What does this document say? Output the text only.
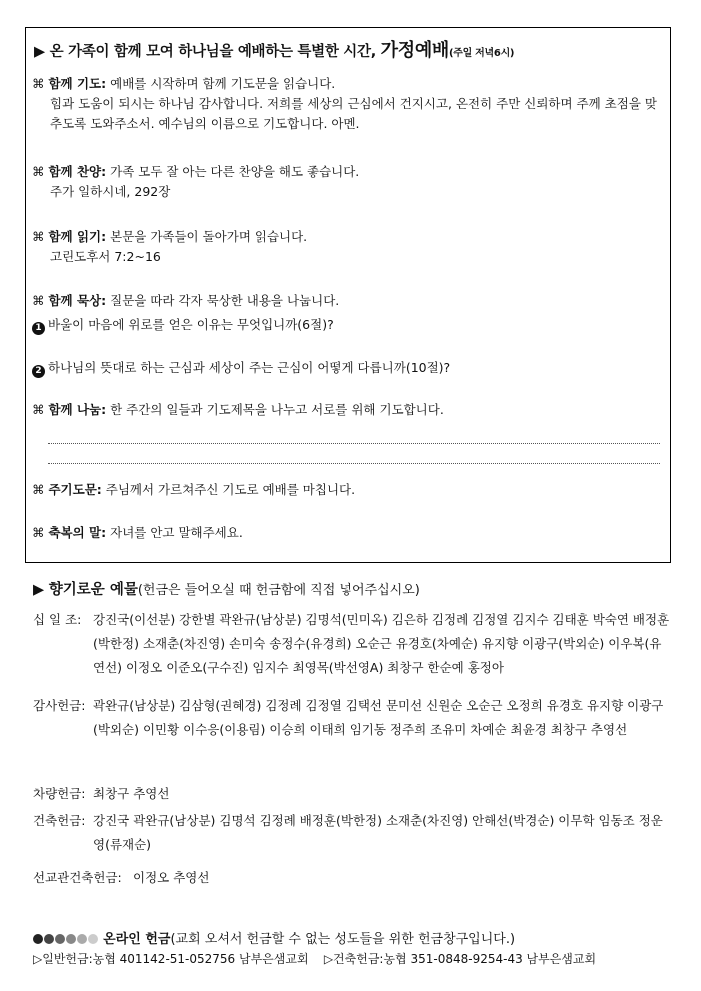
▶ 온 가족이 함께 모여 하나님을 예배하는 특별한 시간, 가정예배(주일 저녁6시)
⌘ 함께 기도: 예배를 시작하며 함께 기도문을 읽습니다.
힘과 도움이 되시는 하나님 감사합니다. 저희를 세상의 근심에서 건지시고, 온전히 주만 신뢰하며 주께 초점을 맞추도록 도와주소서. 예수님의 이름으로 기도합니다. 아멘.
⌘ 함께 찬양: 가족 모두 잘 아는 다른 찬양을 해도 좋습니다.
주가 일하시네, 292장
⌘ 함께 읽기: 본문을 가족들이 돌아가며 읽습니다.
고린도후서 7:2~16
⌘ 함께 묵상: 질문을 따라 각자 묵상한 내용을 나눕니다.
1 바울이 마음에 위로를 얻은 이유는 무엇입니까(6절)?
2 하나님의 뜻대로 하는 근심과 세상이 주는 근심이 어떻게 다릅니까(10절)?
⌘ 함께 나눔: 한 주간의 일들과 기도제목을 나누고 서로를 위해 기도합니다.
⌘ 주기도문: 주님께서 가르쳐주신 기도로 예배를 마칩니다.
⌘ 축복의 말: 자녀를 안고 말해주세요.
▶ 향기로운 예물(헌금은 들어오실 때 헌금함에 직접 넣어주십시오)
십 일 조: 강진국(이선분) 강한별 곽완규(남상분) 김명석(민미옥) 김은하 김정례 김정열 김지수 김태훈 박숙연 배정훈(박한정) 소재춘(차진영) 손미숙 송정수(유경희) 오순근 유경호(차예순) 유지향 이광구(박외순) 이우복(유연선) 이정오 이준오(구수진) 임지수 최영목(박선영A) 최창구 한순예 홍정아
감사헌금: 곽완규(남상분) 김삼형(권혜경) 김정례 김정열 김택선 문미선 신원순 오순근 오정희 유경호 유지향 이광구(박외순) 이민황 이수응(이용림) 이승희 이태희 임기동 정주희 조유미 차예순 최윤경 최창구 추영선
차량헌금: 최창구 추영선
건축헌금: 강진국 곽완규(남상분) 김명석 김정례 배정훈(박한정) 소재춘(차진영) 안해선(박경순) 이무학 임동조 정운영(류재순)
선교관건축헌금: 이정오 추영선
온라인 헌금(교회 오셔서 헌금할 수 없는 성도들을 위한 헌금창구입니다.)
▷일반헌금:농협 401142-51-052756 남부은샘교회 ▷건축헌금:농협 351-0848-9254-43 남부은샘교회
